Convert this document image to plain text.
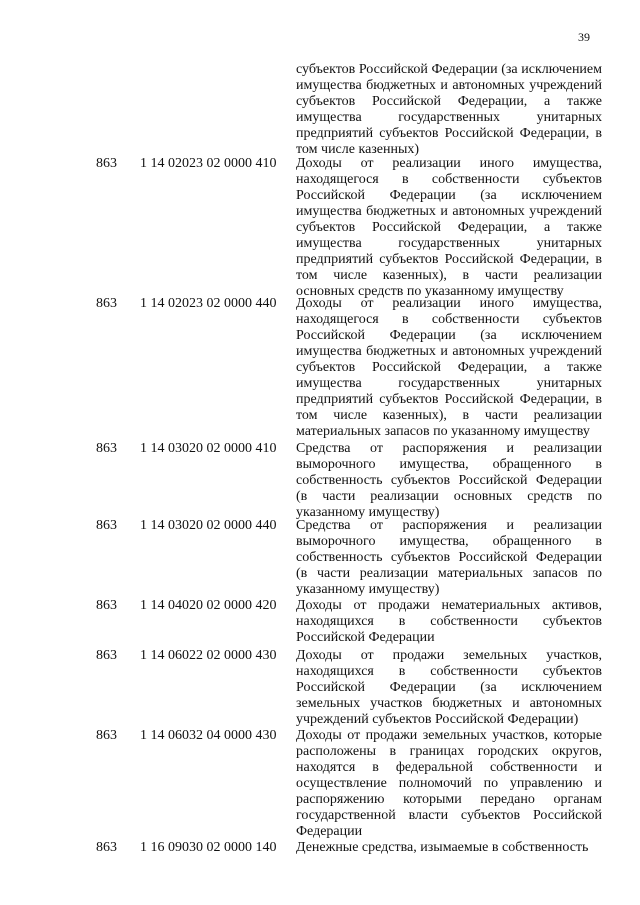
39
субъектов Российской Федерации (за исключением имущества бюджетных и автономных учреждений субъектов Российской Федерации, а также имущества государственных унитарных предприятий субъектов Российской Федерации, в том числе казенных)
863	1 14 02023 02 0000 410	Доходы от реализации иного имущества, находящегося в собственности субъектов Российской Федерации (за исключением имущества бюджетных и автономных учреждений субъектов Российской Федерации, а также имущества государственных унитарных предприятий субъектов Российской Федерации, в том числе казенных), в части реализации основных средств по указанному имуществу
863	1 14 02023 02 0000 440	Доходы от реализации иного имущества, находящегося в собственности субъектов Российской Федерации (за исключением имущества бюджетных и автономных учреждений субъектов Российской Федерации, а также имущества государственных унитарных предприятий субъектов Российской Федерации, в том числе казенных), в части реализации материальных запасов по указанному имуществу
863	1 14 03020 02 0000 410	Средства от распоряжения и реализации выморочного имущества, обращенного в собственность субъектов Российской Федерации (в части реализации основных средств по указанному имуществу)
863	1 14 03020 02 0000 440	Средства от распоряжения и реализации выморочного имущества, обращенного в собственность субъектов Российской Федерации (в части реализации материальных запасов по указанному имуществу)
863	1 14 04020 02 0000 420	Доходы от продажи нематериальных активов, находящихся в собственности субъектов Российской Федерации
863	1 14 06022 02 0000 430	Доходы от продажи земельных участков, находящихся в собственности субъектов Российской Федерации (за исключением земельных участков бюджетных и автономных учреждений субъектов Российской Федерации)
863	1 14 06032 04 0000 430	Доходы от продажи земельных участков, которые расположены в границах городских округов, находятся в федеральной собственности и осуществление полномочий по управлению и распоряжению которыми передано органам государственной власти субъектов Российской Федерации
863	1 16 09030 02 0000 140	Денежные средства, изымаемые в собственность
